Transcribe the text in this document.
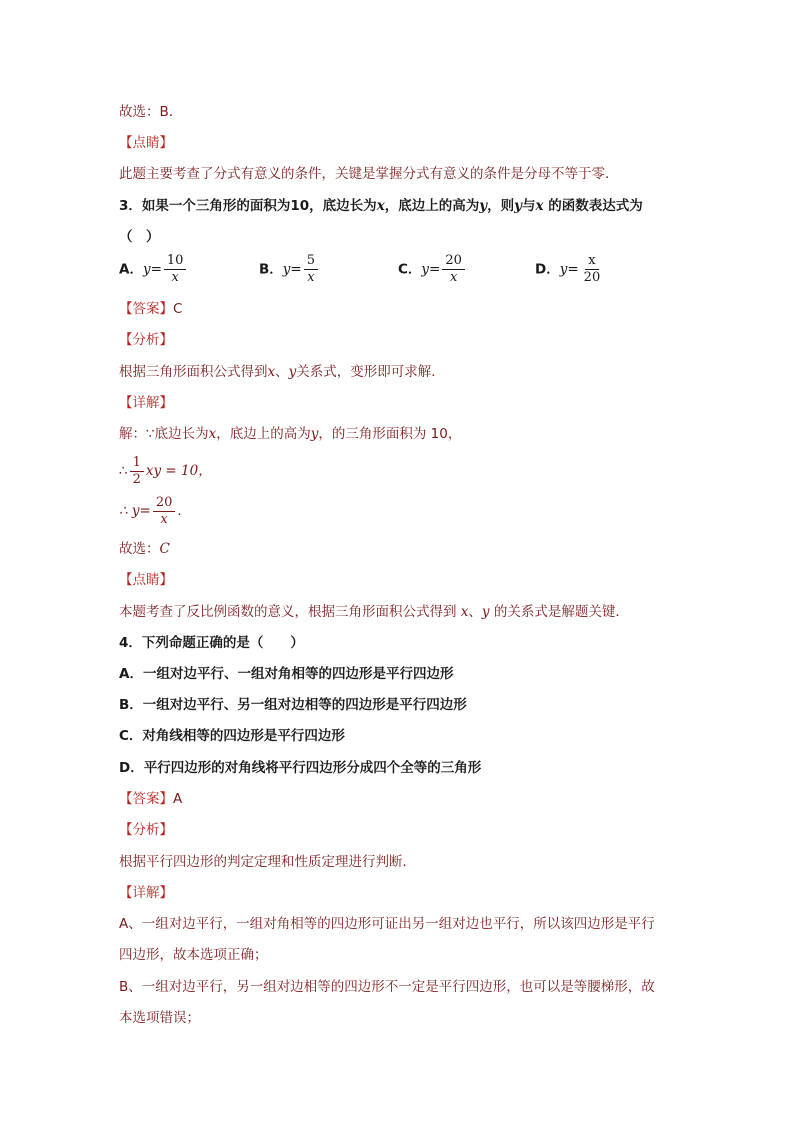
故选：B．
【点睛】
此题主要考查了分式有意义的条件，关键是掌握分式有意义的条件是分母不等于零．
3．如果一个三角形的面积为10，底边长为x，底边上的高为y，则y与x 的函数表达式为
（　）
A．$y= \frac{10}{x}$	B．$y= \frac{5}{x}$	C．$y= \frac{20}{x}$	D．$y= \frac{x}{20}$
【答案】C
【分析】
根据三角形面积公式得到x、y关系式，变形即可求解．
【详解】
解：∵底边长为x，底边上的高为y，的三角形面积为 10，
∴ $\frac{1}{2}$ xy = 10，
∴ $y= \frac{20}{x}$ ．
故选：C
【点睛】
本题考查了反比例函数的意义，根据三角形面积公式得到 x、y 的关系式是解题关键．
4．下列命题正确的是（　　）
A．一组对边平行、一组对角相等的四边形是平行四边形
B．一组对边平行、另一组对边相等的四边形是平行四边形
C．对角线相等的四边形是平行四边形
D．平行四边形的对角线将平行四边形分成四个全等的三角形
【答案】A
【分析】
根据平行四边形的判定定理和性质定理进行判断．
【详解】
A、一组对边平行，一组对角相等的四边形可证出另一组对边也平行，所以该四边形是平行
四边形，故本选项正确；
B、一组对边平行，另一组对边相等的四边形不一定是平行四边形，也可以是等腰梯形，故
本选项错误；
